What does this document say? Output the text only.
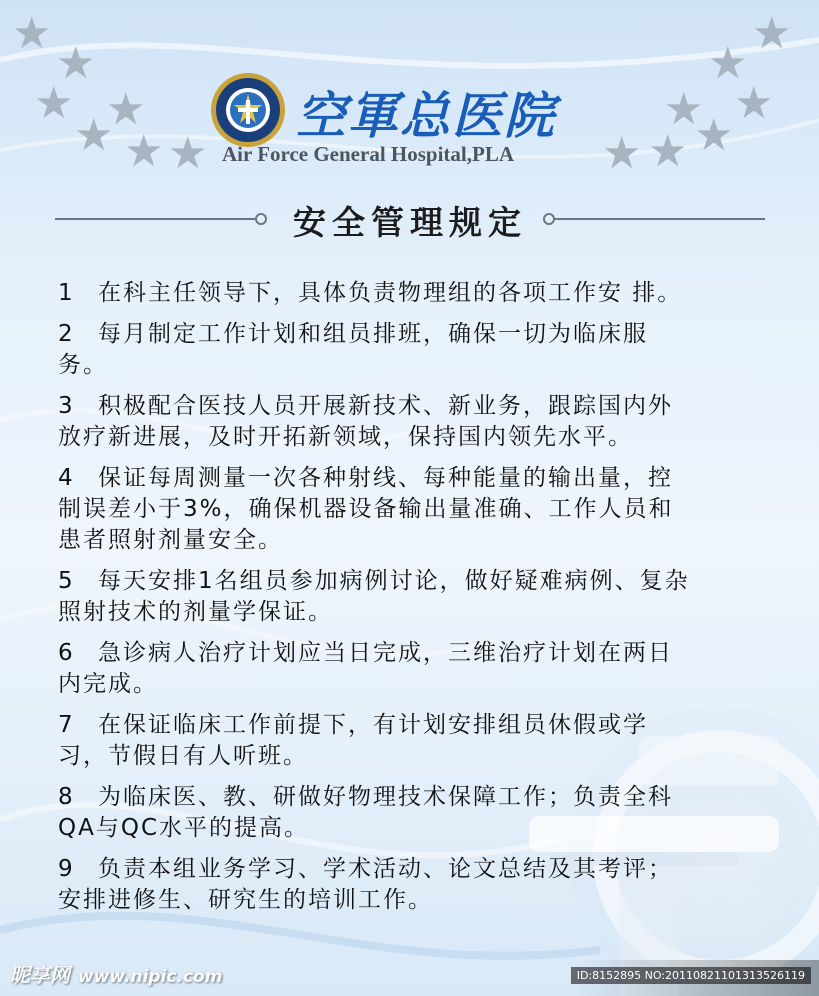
★
★
★ ★
★ ★ ★
★
★
★
★
★
★
★
空軍总医院
Air Force General Hospital,PLA
安全管理规定
1 在科主任领导下，具体负责物理组的各项工作安 排。
2 每月制定工作计划和组员排班，确保一切为临床服
务。
3 积极配合医技人员开展新技术、新业务，跟踪国内外
放疗新进展，及时开拓新领域，保持国内领先水平。
4 保证每周测量一次各种射线、每种能量的输出量，控
制误差小于3%，确保机器设备输出量准确、工作人员和
患者照射剂量安全。
5 每天安排1名组员参加病例讨论，做好疑难病例、复杂
照射技术的剂量学保证。
6 急诊病人治疗计划应当日完成，三维治疗计划在两日
内完成。
7 在保证临床工作前提下，有计划安排组员休假或学
习，节假日有人听班。
8 为临床医、教、研做好物理技术保障工作；负责全科
QA与QC水平的提高。
9 负责本组业务学习、学术活动、论文总结及其考评；
安排进修生、研究生的培训工作。
昵享网 www.nipic.com	ID:8152895 NO:20110821101313526119
